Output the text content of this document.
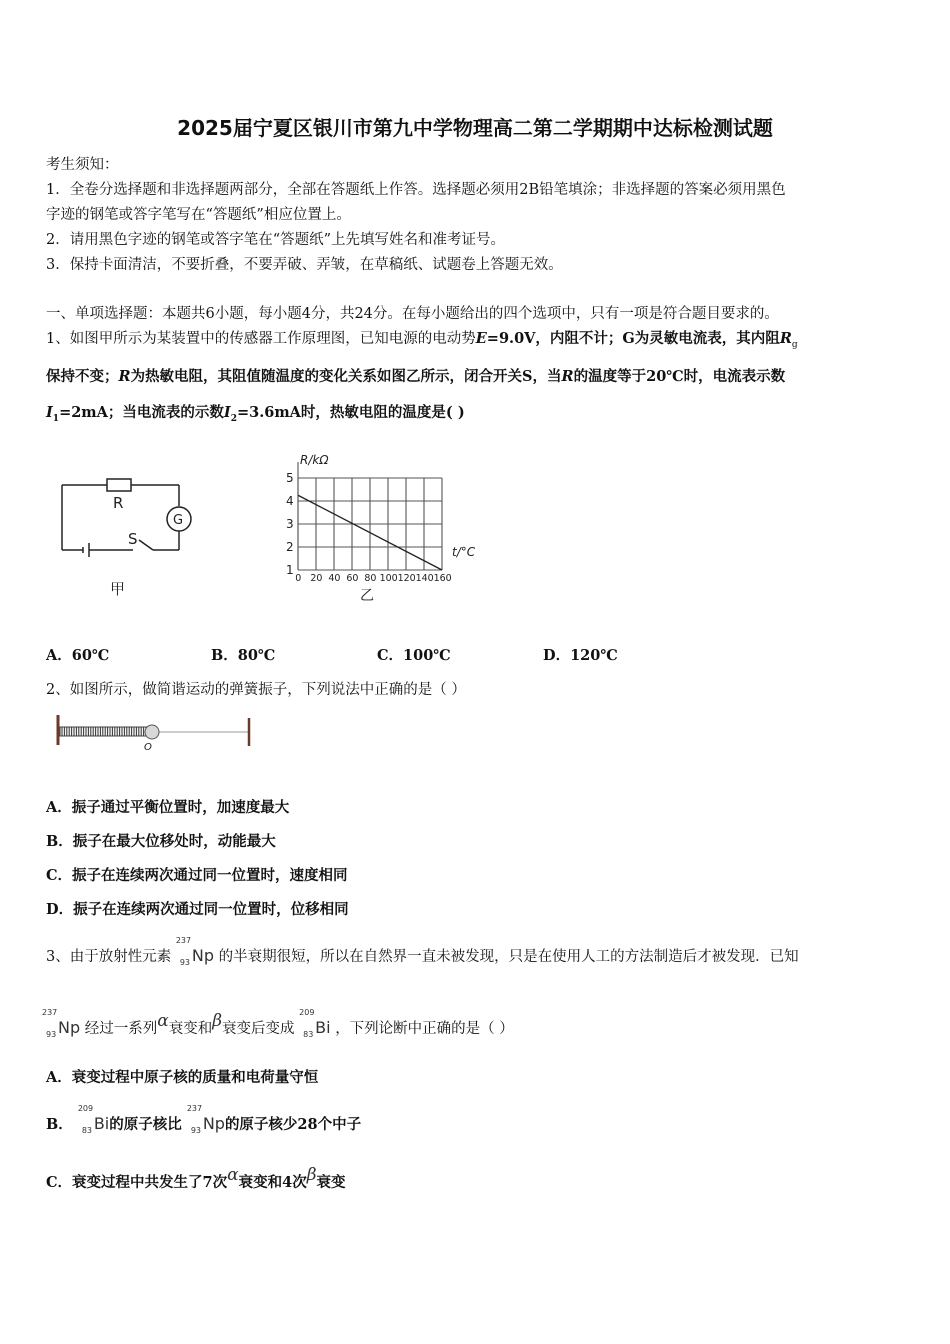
2025届宁夏区银川市第九中学物理高二第二学期期中达标检测试题
考生须知：
1．全卷分选择题和非选择题两部分，全部在答题纸上作答。选择题必须用2B铅笔填涂；非选择题的答案必须用黑色
字迹的钢笔或答字笔写在“答题纸”相应位置上。
2．请用黑色字迹的钢笔或答字笔在“答题纸”上先填写姓名和准考证号。
3．保持卡面清洁，不要折叠，不要弄破、弄皱，在草稿纸、试题卷上答题无效。
一、单项选择题：本题共6小题，每小题4分，共24分。在每小题给出的四个选项中，只有一项是符合题目要求的。
1、如图甲所示为某装置中的传感器工作原理图，已知电源的电动势E=9.0V，内阻不计；G为灵敏电流表，其内阻$R_g$
保持不变；R为热敏电阻，其阻值随温度的变化关系如图乙所示，闭合开关S，当R的温度等于20℃时，电流表示数
$I_1=2mA$；当电流表的示数$I_2=3.6mA$时，热敏电阻的温度是( )
R
G
S
甲
5
4
3
2
1
0 20 40 60 80 100 120 140 160
R/kΩ
t/°C
乙
A．60℃	B．80℃	C．100℃	D．120℃
2、如图所示，做简谐运动的弹簧振子，下列说法中正确的是（ ）
O
A．振子通过平衡位置时，加速度最大
B．振子在最大位移处时，动能最大
C．振子在连续两次通过同一位置时，速度相同
D．振子在连续两次通过同一位置时，位移相同
3、由于放射性元素
237
93 Np 的半衰期很短，所以在自然界一直未被发现，只是在使用人工的方法制造后才被发现．已知
237
93 Np 经过一系列α衰变和β衰变后变成
209
83 Bi ，下列论断中正确的是（ ）
A．衰变过程中原子核的质量和电荷量守恒
B．
209
83 Bi的原子核比
237
93 Np的原子核少28个中子
C．衰变过程中共发生了7次α衰变和4次β衰变
